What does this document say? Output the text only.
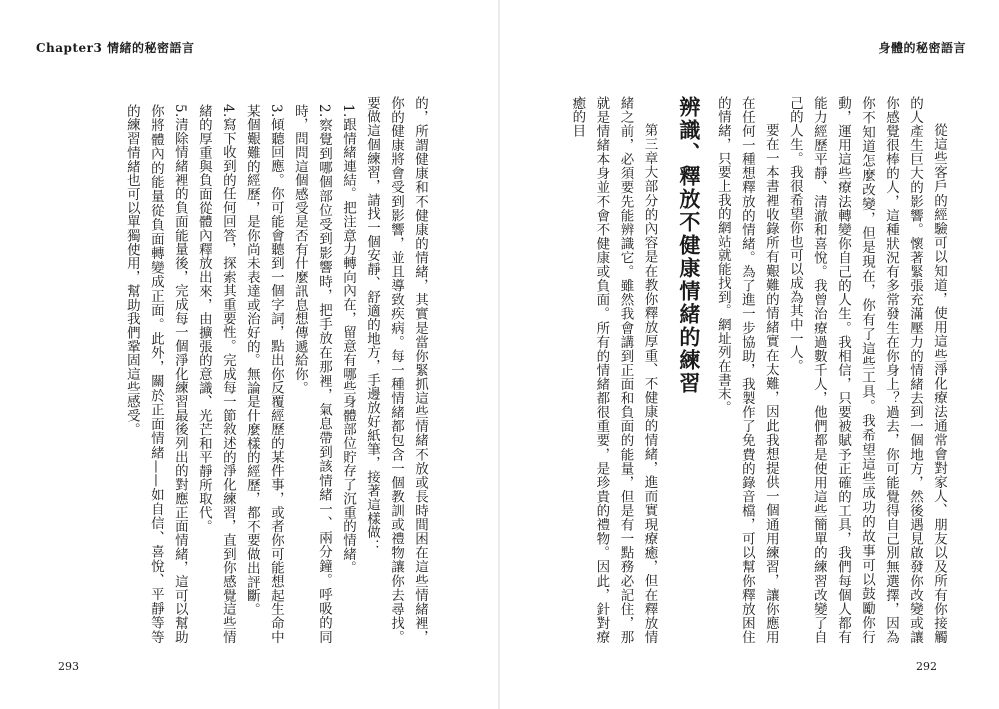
Chapter3 情緒的秘密語言

的，所謂健康和不健康的情緒，其實是當你緊抓這些情緒不放或長時間困在這些情緒裡，你的健康將會受到影響，並且導致疾病。每一種情緒都包含一個教訓或禮物讓你去尋找。要做這個練習，請找一個安靜、舒適的地方，手邊放好紙筆，接著這樣做：

1.跟情緒連結。把注意力轉向內在，留意有哪些身體部位貯存了沉重的情緒。

2.察覺到哪個部位受到影響時，把手放在那裡，氣息帶到該情緒一、兩分鐘。呼吸的同時，問問這個感受是否有什麼訊息想傳遞給你。

3.傾聽回應。你可能會聽到一個字詞，點出你反覆經歷的某件事，或者你可能想起生命中某個艱難的經歷，是你尚未表達或治好的。無論是什麼樣的經歷，都不要做出評斷。

4.寫下收到的任何回答，探索其重要性。完成每一節敘述的淨化練習，直到你感覺這些情緒的厚重與負面從體內釋放出來，由擴張的意識、光芒和平靜所取代。

5.清除情緒裡的負面能量後，完成每一個淨化練習最後列出的對應正面情緒，這可以幫助你將體內的能量從負面轉變成正面。此外，關於正面情緒——如自信、喜悅、平靜等等的練習情緒也可以單獨使用，幫助我們鞏固這些感受。

293
身體的秘密語言

從這些客戶的經驗可以知道，使用這些淨化療法通常會對家人、朋友以及所有你接觸的人產生巨大的影響。懷著緊張充滿壓力的情緒去到一個地方，然後遇見啟發你改變或讓你感覺很棒的人，這種狀況有多常發生在你身上？過去，你可能覺得自己別無選擇，因為你不知道怎麼改變，但是現在，你有了這些工具。我希望這些成功的故事可以鼓勵你行動，運用這些療法轉變你自己的人生。我相信，只要被賦予正確的工具，我們每個人都有能力經歷平靜、清澈和喜悅。我曾治療過數千人，他們都是使用這些簡單的練習改變了自己的人生。我很希望你也可以成為其中一人。

要在一本書裡收錄所有艱難的情緒實在太難，因此我想提供一個通用練習，讓你應用在任何一種想釋放的情緒。為了進一步協助，我製作了免費的錄音檔，可以幫你釋放困住的情緒，只要上我的網站就能找到。網址列在書末。

辨識、釋放不健康情緒的練習

第三章大部分的內容是在教你釋放厚重、不健康的情緒，進而實現療癒，但在釋放情緒之前，必須要先能辨識它。雖然我會講到正面和負面的能量，但是有一點務必記住，那就是情緒本身並不會不健康或負面。所有的情緒都很重要，是珍貴的禮物。因此，針對療癒的目

292
